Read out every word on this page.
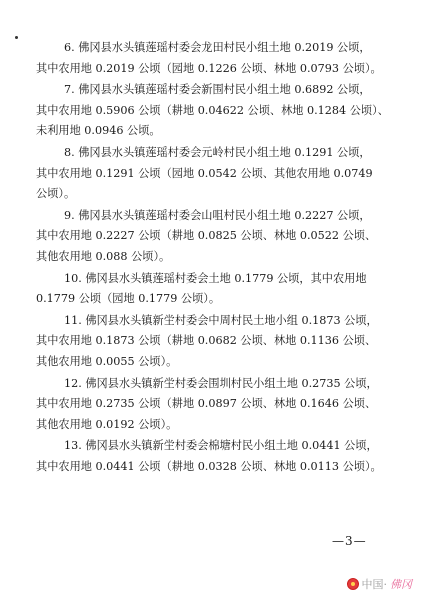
6. 佛冈县水头镇莲瑶村委会龙田村民小组土地 0.2019 公顷，
其中农用地 0.2019 公顷（园地 0.1226 公顷、林地 0.0793 公顷）。
7. 佛冈县水头镇莲瑶村委会新围村民小组土地 0.6892 公顷，
其中农用地 0.5906 公顷（耕地 0.04622 公顷、林地 0.1284 公顷）、
未利用地 0.0946 公顷。
8. 佛冈县水头镇莲瑶村委会元岭村民小组土地 0.1291 公顷，
其中农用地 0.1291 公顷（园地 0.0542 公顷、其他农用地 0.0749
公顷）。
9. 佛冈县水头镇莲瑶村委会山咀村民小组土地 0.2227 公顷，
其中农用地 0.2227 公顷（耕地 0.0825 公顷、林地 0.0522 公顷、
其他农用地 0.088 公顷）。
10. 佛冈县水头镇莲瑶村委会土地 0.1779 公顷，其中农用地
0.1779 公顷（园地 0.1779 公顷）。
11. 佛冈县水头镇新坣村委会中周村民土地小组 0.1873 公顷，
其中农用地 0.1873 公顷（耕地 0.0682 公顷、林地 0.1136 公顷、
其他农用地 0.0055 公顷）。
12. 佛冈县水头镇新坣村委会围圳村民小组土地 0.2735 公顷，
其中农用地 0.2735 公顷（耕地 0.0897 公顷、林地 0.1646 公顷、
其他农用地 0.0192 公顷）。
13. 佛冈县水头镇新坣村委会棉塘村民小组土地 0.0441 公顷，
其中农用地 0.0441 公顷（耕地 0.0328 公顷、林地 0.0113 公顷）。
—3—
中国· 佛冈
